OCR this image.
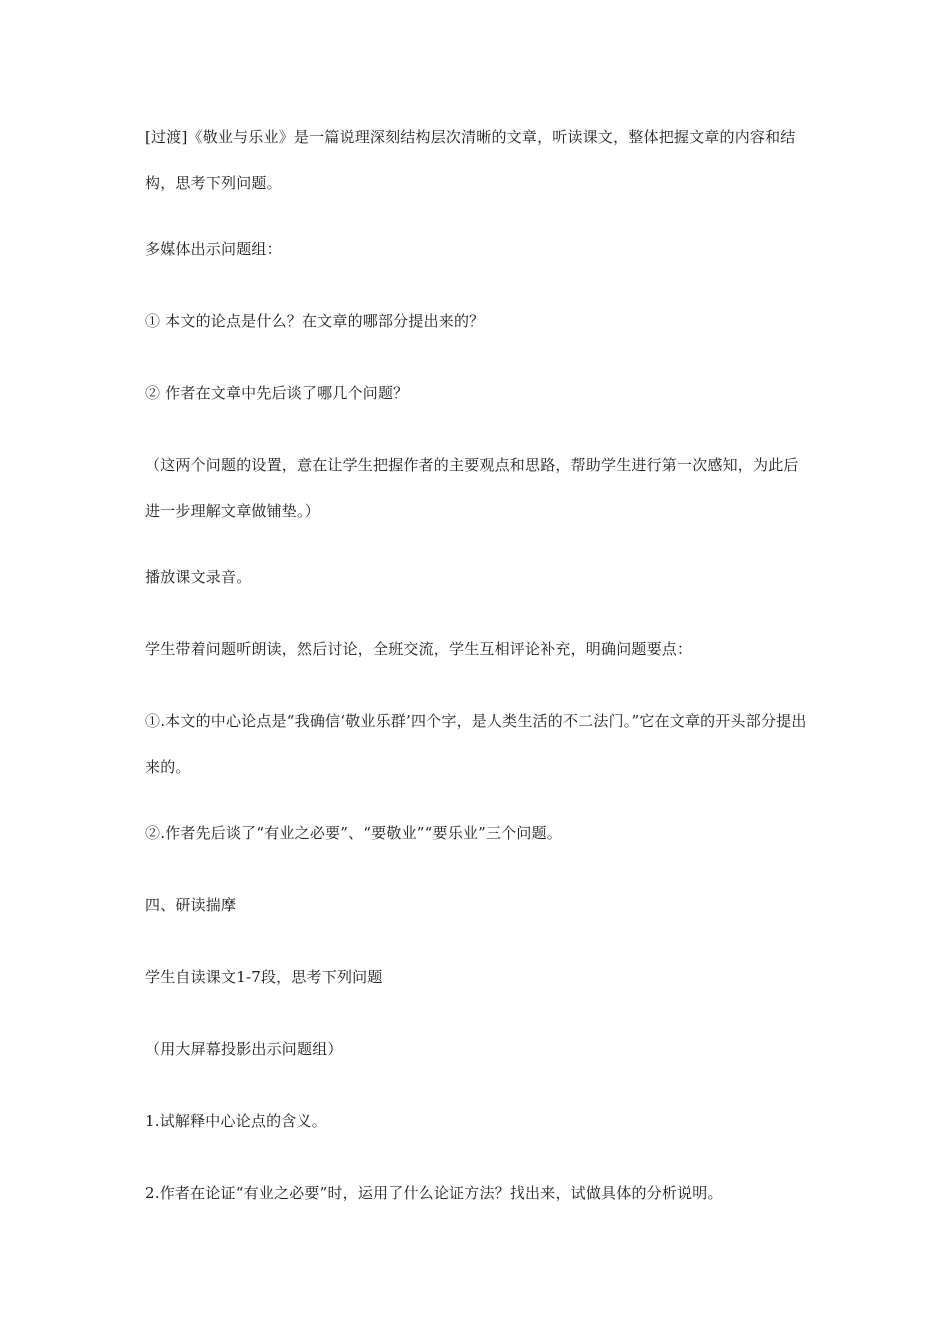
[过渡]《敬业与乐业》是一篇说理深刻结构层次清晰的文章，听读课文，整体把握文章的内容和结构，思考下列问题。

多媒体出示问题组：

① 本文的论点是什么？在文章的哪部分提出来的？

② 作者在文章中先后谈了哪几个问题？

（这两个问题的设置，意在让学生把握作者的主要观点和思路，帮助学生进行第一次感知，为此后进一步理解文章做铺垫。）

播放课文录音。

学生带着问题听朗读，然后讨论，全班交流，学生互相评论补充，明确问题要点：

①.本文的中心论点是“我确信‘敬业乐群’四个字，是人类生活的不二法门。”它在文章的开头部分提出来的。

②.作者先后谈了“有业之必要”、“要敬业”“要乐业”三个问题。

四、研读揣摩

学生自读课文1-7段，思考下列问题

（用大屏幕投影出示问题组）

1.试解释中心论点的含义。

2.作者在论证“有业之必要”时，运用了什么论证方法？找出来，试做具体的分析说明。
